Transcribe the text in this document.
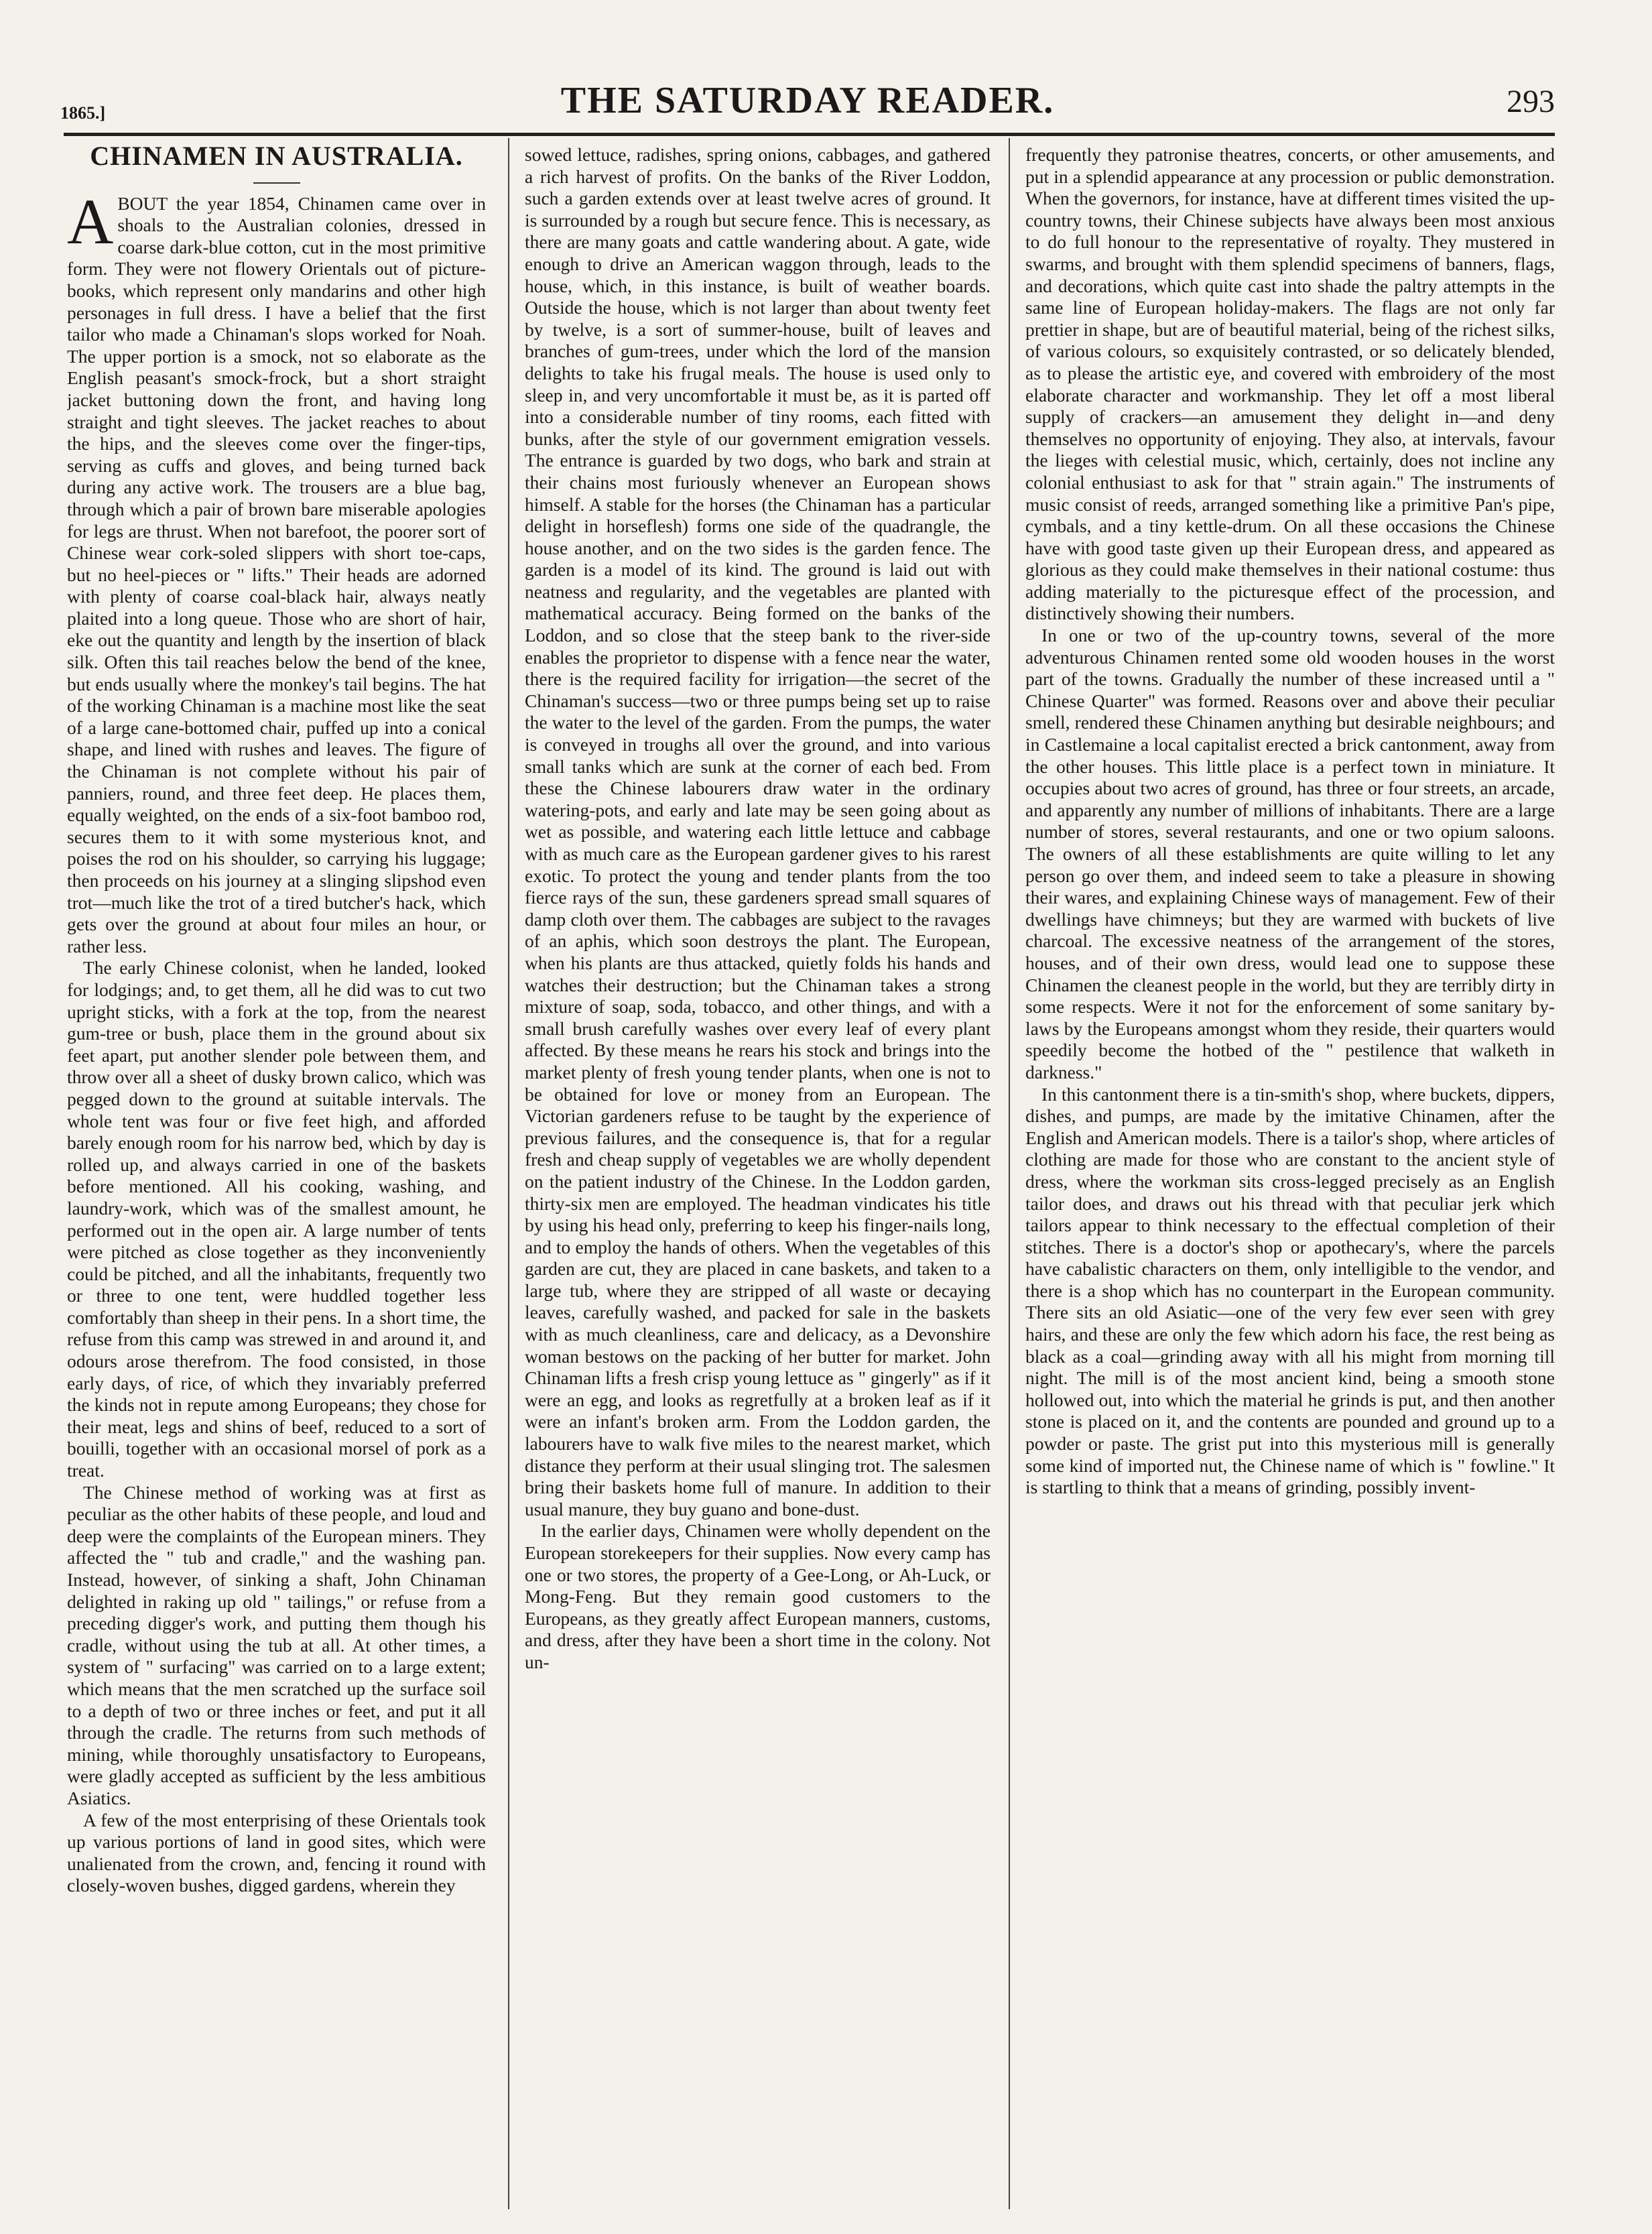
1865.]	THE SATURDAY READER.	293
CHINAMEN IN AUSTRALIA.

ABOUT the year 1854, Chinamen came over in shoals to the Australian colonies, dressed in coarse dark-blue cotton, cut in the most primitive form. They were not flowery Orientals out of picture-books, which represent only mandarins and other high personages in full dress. I have a belief that the first tailor who made a Chinaman's slops worked for Noah. The upper portion is a smock, not so elaborate as the English peasant's smock-frock, but a short straight jacket buttoning down the front, and having long straight and tight sleeves. The jacket reaches to about the hips, and the sleeves come over the finger-tips, serving as cuffs and gloves, and being turned back during any active work. The trousers are a blue bag, through which a pair of brown bare miserable apologies for legs are thrust. When not barefoot, the poorer sort of Chinese wear cork-soled slippers with short toe-caps, but no heel-pieces or " lifts." Their heads are adorned with plenty of coarse coal-black hair, always neatly plaited into a long queue. Those who are short of hair, eke out the quantity and length by the insertion of black silk. Often this tail reaches below the bend of the knee, but ends usually where the monkey's tail begins. The hat of the working Chinaman is a machine most like the seat of a large cane-bottomed chair, puffed up into a conical shape, and lined with rushes and leaves. The figure of the Chinaman is not complete without his pair of panniers, round, and three feet deep. He places them, equally weighted, on the ends of a six-foot bamboo rod, secures them to it with some mysterious knot, and poises the rod on his shoulder, so carrying his luggage; then proceeds on his journey at a slinging slipshod even trot—much like the trot of a tired butcher's hack, which gets over the ground at about four miles an hour, or rather less.

The early Chinese colonist, when he landed, looked for lodgings; and, to get them, all he did was to cut two upright sticks, with a fork at the top, from the nearest gum-tree or bush, place them in the ground about six feet apart, put another slender pole between them, and throw over all a sheet of dusky brown calico, which was pegged down to the ground at suitable intervals. The whole tent was four or five feet high, and afforded barely enough room for his narrow bed, which by day is rolled up, and always carried in one of the baskets before mentioned. All his cooking, washing, and laundry-work, which was of the smallest amount, he performed out in the open air. A large number of tents were pitched as close together as they inconveniently could be pitched, and all the inhabitants, frequently two or three to one tent, were huddled together less comfortably than sheep in their pens. In a short time, the refuse from this camp was strewed in and around it, and odours arose therefrom. The food consisted, in those early days, of rice, of which they invariably preferred the kinds not in repute among Europeans; they chose for their meat, legs and shins of beef, reduced to a sort of bouilli, together with an occasional morsel of pork as a treat.

The Chinese method of working was at first as peculiar as the other habits of these people, and loud and deep were the complaints of the European miners. They affected the " tub and cradle," and the washing pan. Instead, however, of sinking a shaft, John Chinaman delighted in raking up old " tailings," or refuse from a preceding digger's work, and putting them though his cradle, without using the tub at all. At other times, a system of " surfacing" was carried on to a large extent; which means that the men scratched up the surface soil to a depth of two or three inches or feet, and put it all through the cradle. The returns from such methods of mining, while thoroughly unsatisfactory to Europeans, were gladly accepted as sufficient by the less ambitious Asiatics.

A few of the most enterprising of these Orientals took up various portions of land in good sites, which were unalienated from the crown, and, fencing it round with closely-woven bushes, digged gardens, wherein they

sowed lettuce, radishes, spring onions, cabbages, and gathered a rich harvest of profits. On the banks of the River Loddon, such a garden extends over at least twelve acres of ground. It is surrounded by a rough but secure fence. This is necessary, as there are many goats and cattle wandering about. A gate, wide enough to drive an American waggon through, leads to the house, which, in this instance, is built of weather boards. Outside the house, which is not larger than about twenty feet by twelve, is a sort of summer-house, built of leaves and branches of gum-trees, under which the lord of the mansion delights to take his frugal meals. The house is used only to sleep in, and very uncomfortable it must be, as it is parted off into a considerable number of tiny rooms, each fitted with bunks, after the style of our government emigration vessels. The entrance is guarded by two dogs, who bark and strain at their chains most furiously whenever an European shows himself. A stable for the horses (the Chinaman has a particular delight in horseflesh) forms one side of the quadrangle, the house another, and on the two sides is the garden fence. The garden is a model of its kind. The ground is laid out with neatness and regularity, and the vegetables are planted with mathematical accuracy. Being formed on the banks of the Loddon, and so close that the steep bank to the river-side enables the proprietor to dispense with a fence near the water, there is the required facility for irrigation—the secret of the Chinaman's success—two or three pumps being set up to raise the water to the level of the garden. From the pumps, the water is conveyed in troughs all over the ground, and into various small tanks which are sunk at the corner of each bed. From these the Chinese labourers draw water in the ordinary watering-pots, and early and late may be seen going about as wet as possible, and watering each little lettuce and cabbage with as much care as the European gardener gives to his rarest exotic. To protect the young and tender plants from the too fierce rays of the sun, these gardeners spread small squares of damp cloth over them. The cabbages are subject to the ravages of an aphis, which soon destroys the plant. The European, when his plants are thus attacked, quietly folds his hands and watches their destruction; but the Chinaman takes a strong mixture of soap, soda, tobacco, and other things, and with a small brush carefully washes over every leaf of every plant affected. By these means he rears his stock and brings into the market plenty of fresh young tender plants, when one is not to be obtained for love or money from an European. The Victorian gardeners refuse to be taught by the experience of previous failures, and the consequence is, that for a regular fresh and cheap supply of vegetables we are wholly dependent on the patient industry of the Chinese. In the Loddon garden, thirty-six men are employed. The headman vindicates his title by using his head only, preferring to keep his finger-nails long, and to employ the hands of others. When the vegetables of this garden are cut, they are placed in cane baskets, and taken to a large tub, where they are stripped of all waste or decaying leaves, carefully washed, and packed for sale in the baskets with as much cleanliness, care and delicacy, as a Devonshire woman bestows on the packing of her butter for market. John Chinaman lifts a fresh crisp young lettuce as " gingerly" as if it were an egg, and looks as regretfully at a broken leaf as if it were an infant's broken arm. From the Loddon garden, the labourers have to walk five miles to the nearest market, which distance they perform at their usual slinging trot. The salesmen bring their baskets home full of manure. In addition to their usual manure, they buy guano and bone-dust.

In the earlier days, Chinamen were wholly dependent on the European storekeepers for their supplies. Now every camp has one or two stores, the property of a Gee-Long, or Ah-Luck, or Mong-Feng. But they remain good customers to the Europeans, as they greatly affect European manners, customs, and dress, after they have been a short time in the colony. Not un-

frequently they patronise theatres, concerts, or other amusements, and put in a splendid appearance at any procession or public demonstration. When the governors, for instance, have at different times visited the up-country towns, their Chinese subjects have always been most anxious to do full honour to the representative of royalty. They mustered in swarms, and brought with them splendid specimens of banners, flags, and decorations, which quite cast into shade the paltry attempts in the same line of European holiday-makers. The flags are not only far prettier in shape, but are of beautiful material, being of the richest silks, of various colours, so exquisitely contrasted, or so delicately blended, as to please the artistic eye, and covered with embroidery of the most elaborate character and workmanship. They let off a most liberal supply of crackers—an amusement they delight in—and deny themselves no opportunity of enjoying. They also, at intervals, favour the lieges with celestial music, which, certainly, does not incline any colonial enthusiast to ask for that " strain again." The instruments of music consist of reeds, arranged something like a primitive Pan's pipe, cymbals, and a tiny kettle-drum. On all these occasions the Chinese have with good taste given up their European dress, and appeared as glorious as they could make themselves in their national costume: thus adding materially to the picturesque effect of the procession, and distinctively showing their numbers.

In one or two of the up-country towns, several of the more adventurous Chinamen rented some old wooden houses in the worst part of the towns. Gradually the number of these increased until a " Chinese Quarter" was formed. Reasons over and above their peculiar smell, rendered these Chinamen anything but desirable neighbours; and in Castlemaine a local capitalist erected a brick cantonment, away from the other houses. This little place is a perfect town in miniature. It occupies about two acres of ground, has three or four streets, an arcade, and apparently any number of millions of inhabitants. There are a large number of stores, several restaurants, and one or two opium saloons. The owners of all these establishments are quite willing to let any person go over them, and indeed seem to take a pleasure in showing their wares, and explaining Chinese ways of management. Few of their dwellings have chimneys; but they are warmed with buckets of live charcoal. The excessive neatness of the arrangement of the stores, houses, and of their own dress, would lead one to suppose these Chinamen the cleanest people in the world, but they are terribly dirty in some respects. Were it not for the enforcement of some sanitary by-laws by the Europeans amongst whom they reside, their quarters would speedily become the hotbed of the " pestilence that walketh in darkness."

In this cantonment there is a tin-smith's shop, where buckets, dippers, dishes, and pumps, are made by the imitative Chinamen, after the English and American models. There is a tailor's shop, where articles of clothing are made for those who are constant to the ancient style of dress, where the workman sits cross-legged precisely as an English tailor does, and draws out his thread with that peculiar jerk which tailors appear to think necessary to the effectual completion of their stitches. There is a doctor's shop or apothecary's, where the parcels have cabalistic characters on them, only intelligible to the vendor, and there is a shop which has no counterpart in the European community. There sits an old Asiatic—one of the very few ever seen with grey hairs, and these are only the few which adorn his face, the rest being as black as a coal—grinding away with all his might from morning till night. The mill is of the most ancient kind, being a smooth stone hollowed out, into which the material he grinds is put, and then another stone is placed on it, and the contents are pounded and ground up to a powder or paste. The grist put into this mysterious mill is generally some kind of imported nut, the Chinese name of which is " fowline." It is startling to think that a means of grinding, possibly invent-
